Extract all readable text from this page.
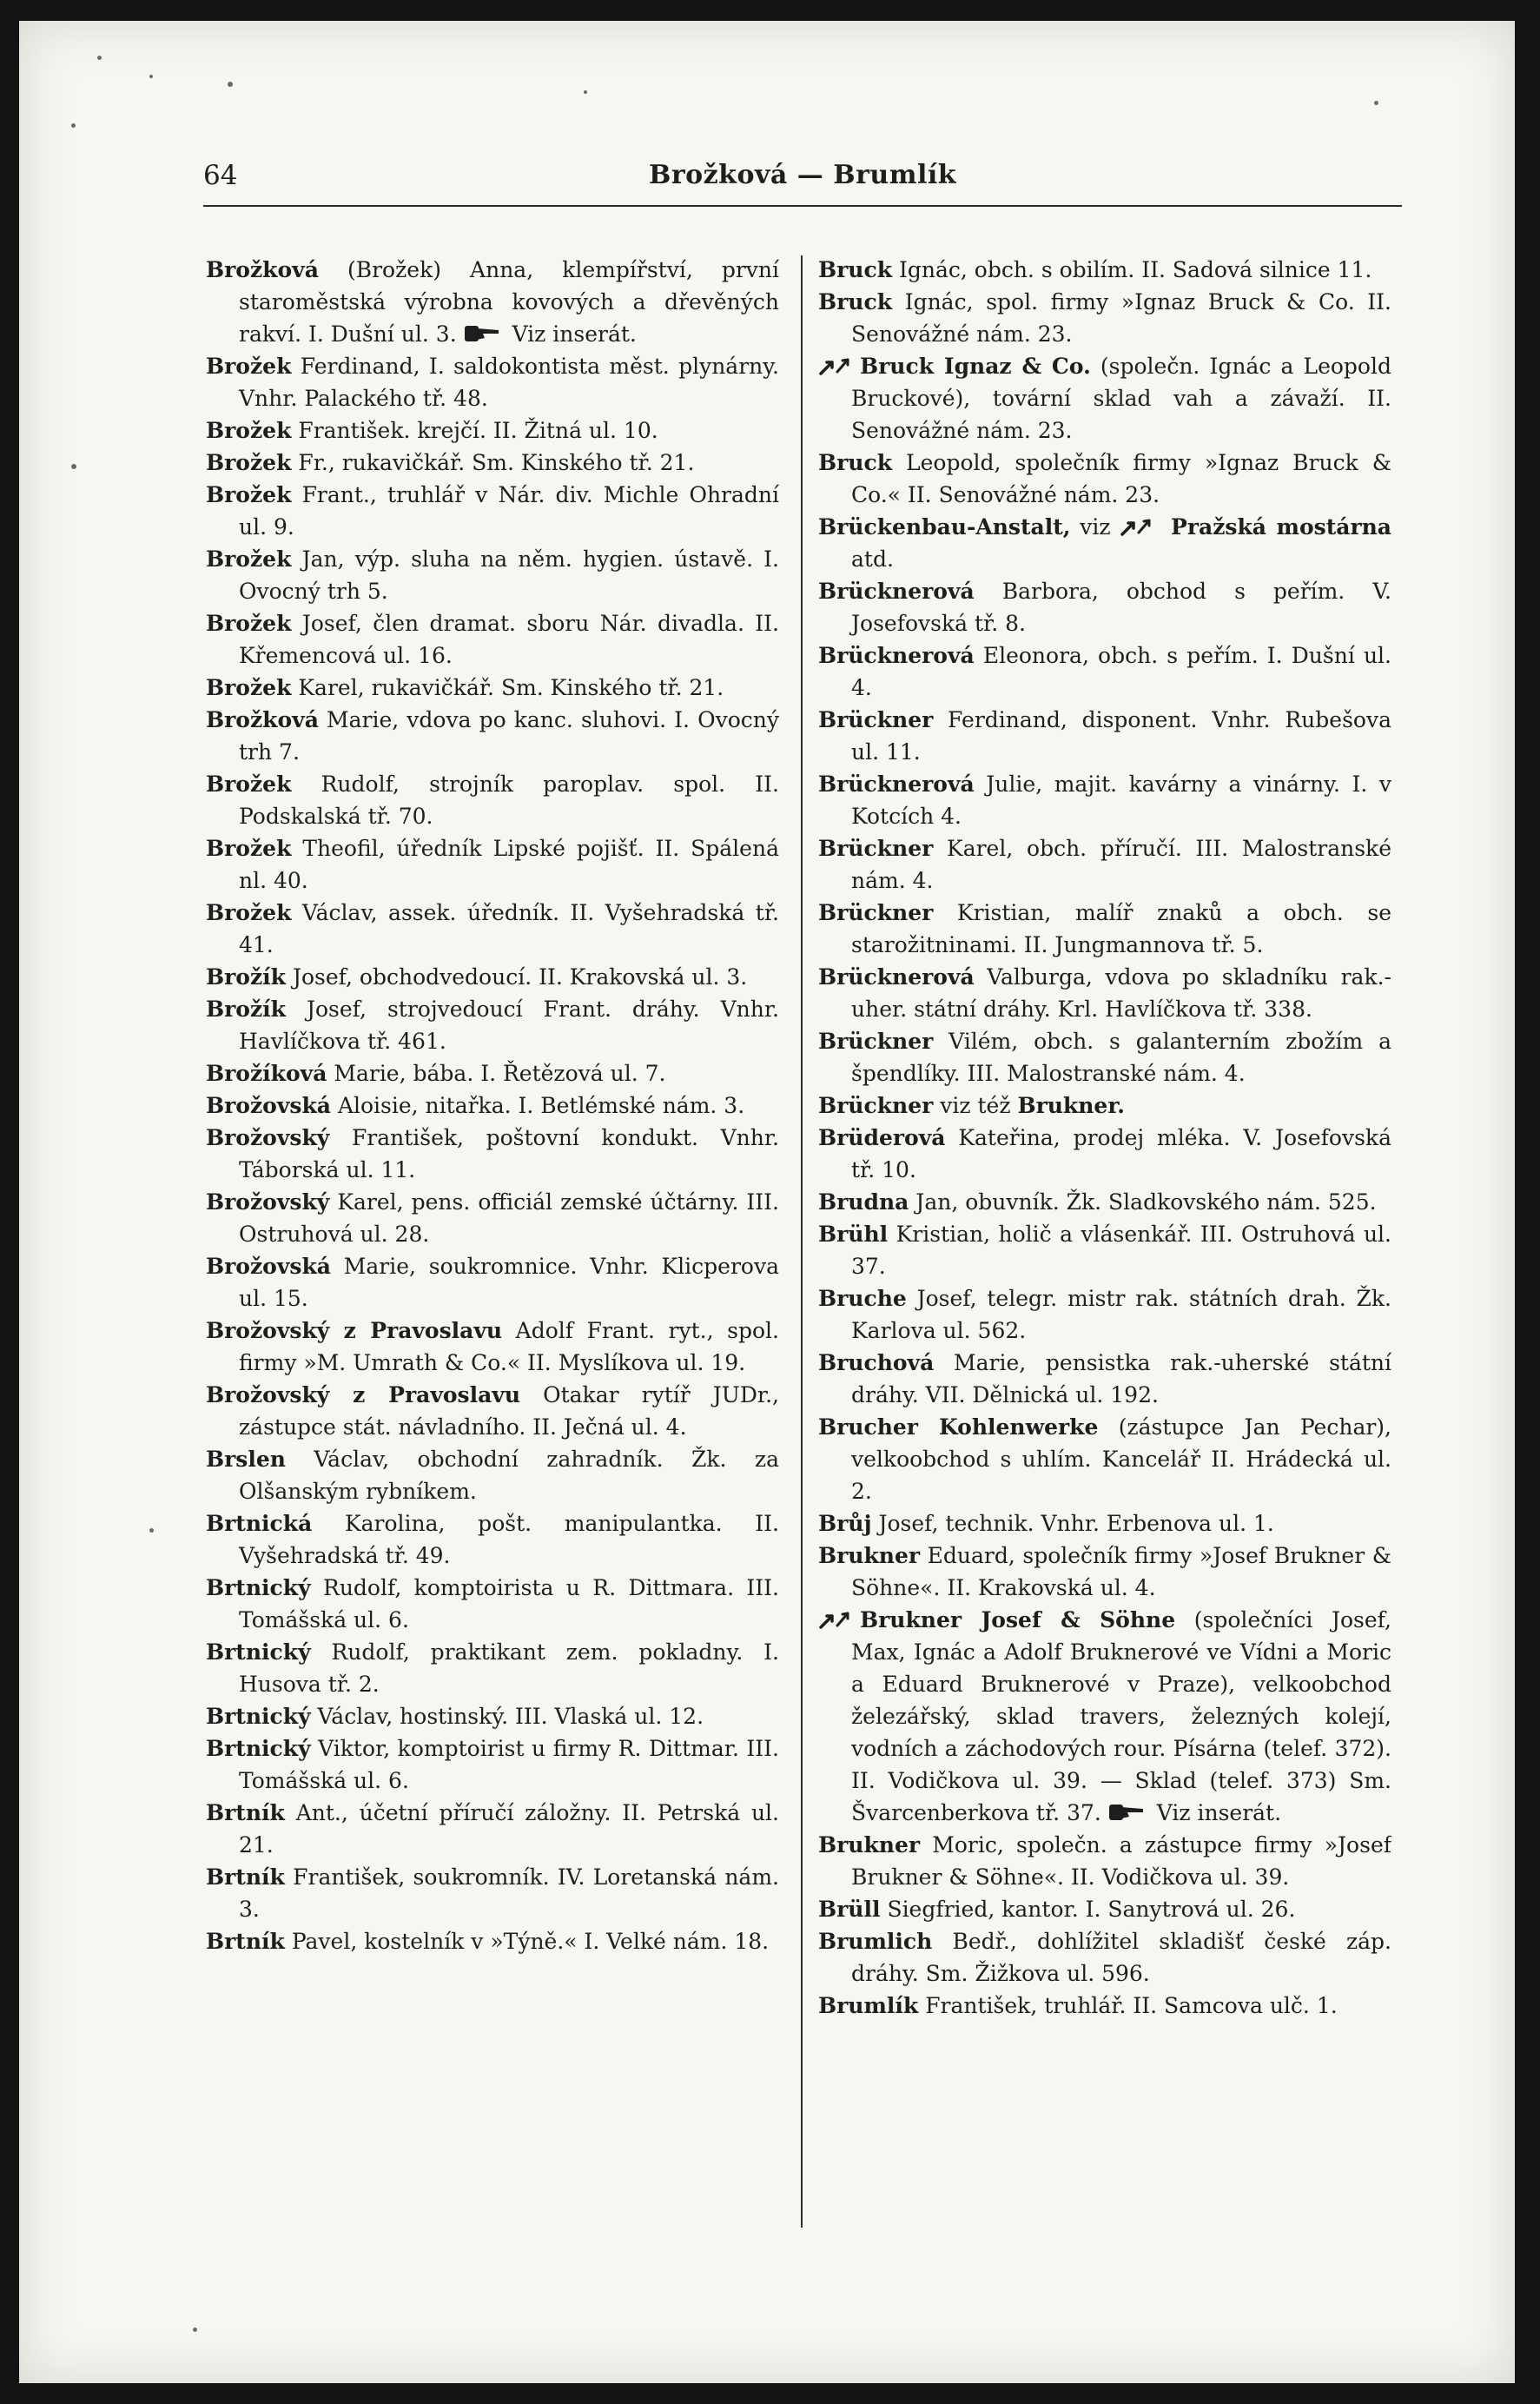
64	Brožková — Brumlík

Brožková (Brožek) Anna, klempířství, první staroměstská výrobna kovových a dřevěných rakví. I. Dušní ul. 3.	Viz inserát.

Brožek Ferdinand, I. saldokontista měst. plynárny. Vnhr. Palackého tř. 48.

Brožek František. krejčí. II. Žitná ul. 10.

Brožek Fr., rukavičkář. Sm. Kinského tř. 21.

Brožek Frant., truhlář v Nár. div. Michle Ohradní ul. 9.

Brožek Jan, výp. sluha na něm. hygien. ústavě. I. Ovocný trh 5.

Brožek Josef, člen dramat. sboru Nár. divadla. II. Křemencová ul. 16.

Brožek Karel, rukavičkář. Sm. Kinského tř. 21.

Brožková Marie, vdova po kanc. sluhovi. I. Ovocný trh 7.

Brožek Rudolf, strojník paroplav. spol. II. Podskalská tř. 70.

Brožek Theofil, úředník Lipské pojišť. II. Spálená nl. 40.

Brožek Václav, assek. úředník. II. Vyšehradská tř. 41.

Brožík Josef, obchodvedoucí. II. Krakovská ul. 3.

Brožík Josef, strojvedoucí Frant. dráhy. Vnhr. Havlíčkova tř. 461.

Brožíková Marie, bába. I. Řetězová ul. 7.

Brožovská Aloisie, nitařka. I. Betlémské nám. 3.

Brožovský František, poštovní kondukt. Vnhr. Táborská ul. 11.

Brožovský Karel, pens. officiál zemské účtárny. III. Ostruhová ul. 28.

Brožovská Marie, soukromnice. Vnhr. Klicperova ul. 15.

Brožovský z Pravoslavu Adolf Frant. ryt., spol. firmy »M. Umrath & Co.« II. Myslíkova ul. 19.

Brožovský z Pravoslavu Otakar rytíř JUDr., zástupce stát. návladního. II. Ječná ul. 4.

Brslen Václav, obchodní zahradník. Žk. za Olšanským rybníkem.

Brtnická Karolina, pošt. manipulantka. II. Vyšehradská tř. 49.

Brtnický Rudolf, komptoirista u R. Dittmara. III. Tomášská ul. 6.

Brtnický Rudolf, praktikant zem. pokladny. I. Husova tř. 2.

Brtnický Václav, hostinský. III. Vlaská ul. 12.

Brtnický Viktor, komptoirist u firmy R. Dittmar. III. Tomášská ul. 6.

Brtník Ant., účetní příručí záložny. II. Petrská ul. 21.

Brtník František, soukromník. IV. Loretanská nám. 3.

Brtník Pavel, kostelník v »Týně.« I. Velké nám. 18.

Bruck Ignác, obch. s obilím. II. Sadová silnice 11.

Bruck Ignác, spol. firmy »Ignaz Bruck & Co. II. Senovážné nám. 23.

Bruck Ignaz & Co. (společn. Ignác a Leopold Bruckové), tovární sklad vah a závaží. II. Senovážné nám. 23.

Bruck Leopold, společník firmy »Ignaz Bruck & Co.« II. Senovážné nám. 23.

Brückenbau-Anstalt, viz	Pražská mostárna atd.

Brücknerová Barbora, obchod s peřím. V. Josefovská tř. 8.

Brücknerová Eleonora, obch. s peřím. I. Dušní ul. 4.

Brückner Ferdinand, disponent. Vnhr. Rubešova ul. 11.

Brücknerová Julie, majit. kavárny a vinárny. I. v Kotcích 4.

Brückner Karel, obch. příručí. III. Malostranské nám. 4.

Brückner Kristian, malíř znaků a obch. se starožitninami. II. Jungmannova tř. 5.

Brücknerová Valburga, vdova po skladníku rak.-uher. státní dráhy. Krl. Havlíčkova tř. 338.

Brückner Vilém, obch. s galanterním zbožím a špendlíky. III. Malostranské nám. 4.

Brückner viz též Brukner.

Brüderová Kateřina, prodej mléka. V. Josefovská tř. 10.

Brudna Jan, obuvník. Žk. Sladkovského nám. 525.

Brühl Kristian, holič a vlásenkář. III. Ostruhová ul. 37.

Bruche Josef, telegr. mistr rak. státních drah. Žk. Karlova ul. 562.

Bruchová Marie, pensistka rak.-uherské státní dráhy. VII. Dělnická ul. 192.

Brucher Kohlenwerke (zástupce Jan Pechar), velkoobchod s uhlím. Kancelář II. Hrádecká ul. 2.

Brůj Josef, technik. Vnhr. Erbenova ul. 1.

Brukner Eduard, společník firmy »Josef Brukner & Söhne«. II. Krakovská ul. 4.

Brukner Josef & Söhne (společníci Josef, Max, Ignác a Adolf Bruknerové ve Vídni a Moric a Eduard Bruknerové v Praze), velkoobchod železářský, sklad travers, železných kolejí, vodních a záchodových rour. Písárna (telef. 372). II. Vodičkova ul. 39. — Sklad (telef. 373) Sm. Švarcenberkova tř. 37.	Viz inserát.

Brukner Moric, společn. a zástupce firmy »Josef Brukner & Söhne«. II. Vodičkova ul. 39.

Brüll Siegfried, kantor. I. Sanytrová ul. 26.

Brumlich Bedř., dohlížitel skladišť české záp. dráhy. Sm. Žižkova ul. 596.

Brumlík František, truhlář. II. Samcova ulč. 1.
